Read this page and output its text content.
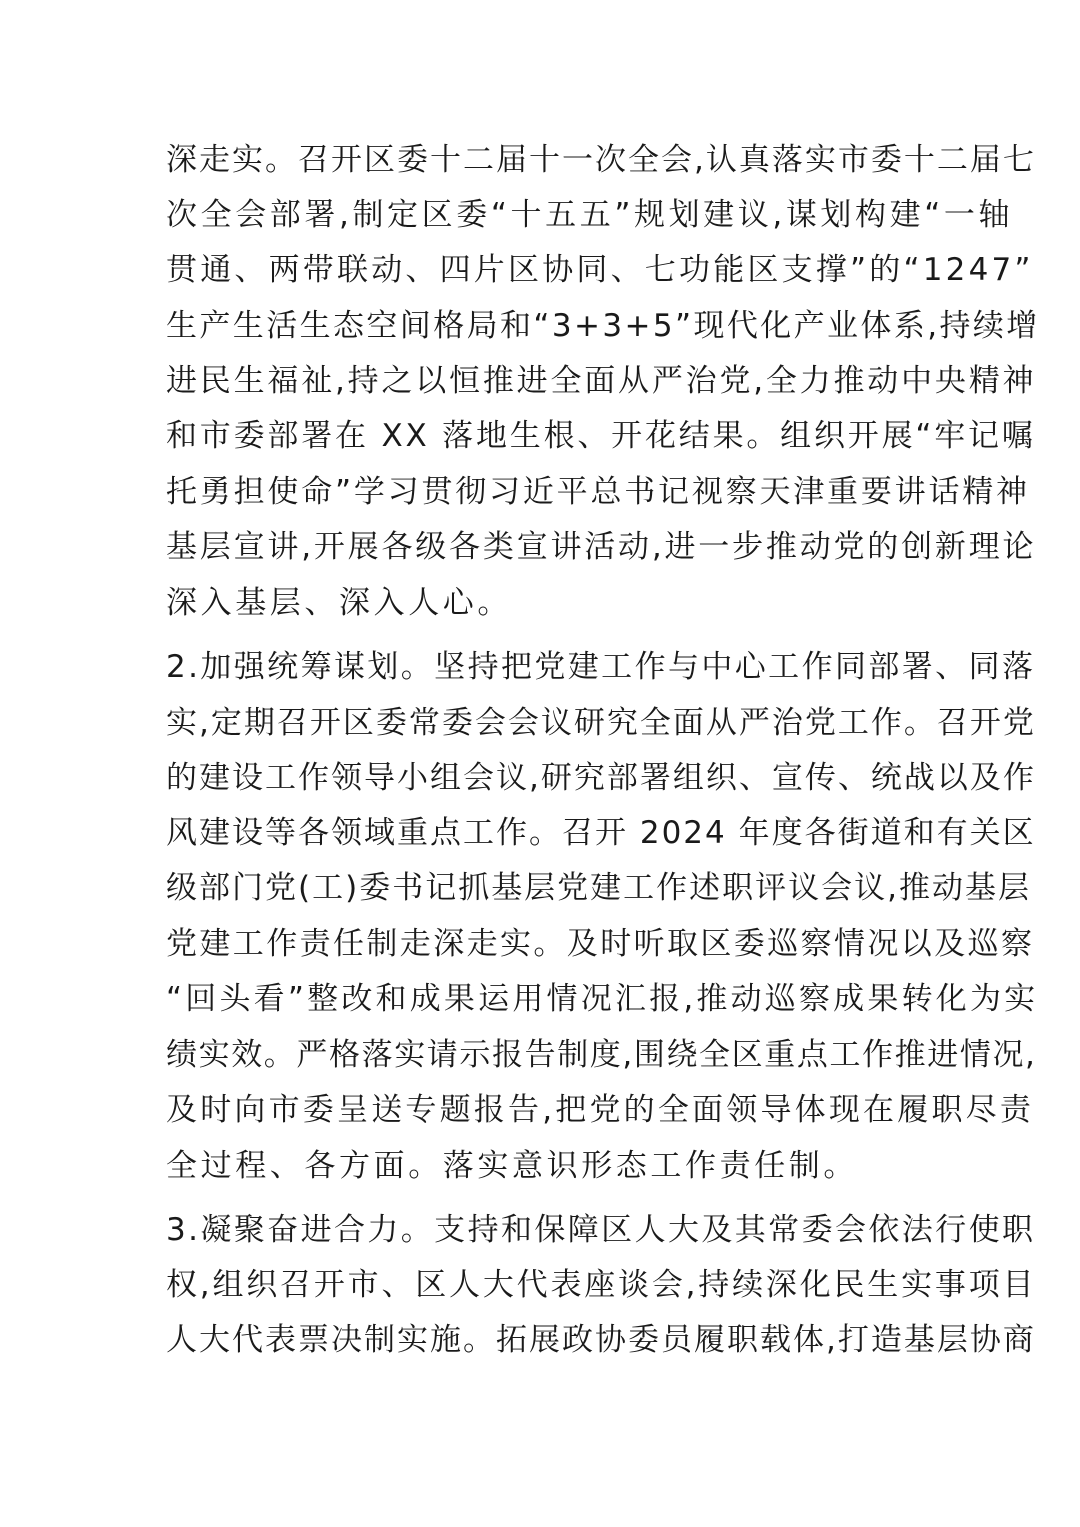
深走实。召开区委十二届十一次全会,认真落实市委十二届七
次全会部署,制定区委“十五五”规划建议,谋划构建“一轴
贯通、两带联动、四片区协同、七功能区支撑”的“1247”
生产生活生态空间格局和“3+3+5”现代化产业体系,持续增
进民生福祉,持之以恒推进全面从严治党,全力推动中央精神
和市委部署在 XX 落地生根、开花结果。组织开展“牢记嘱
托勇担使命”学习贯彻习近平总书记视察天津重要讲话精神
基层宣讲,开展各级各类宣讲活动,进一步推动党的创新理论
深入基层、深入人心。
2.加强统筹谋划。坚持把党建工作与中心工作同部署、同落
实,定期召开区委常委会会议研究全面从严治党工作。召开党
的建设工作领导小组会议,研究部署组织、宣传、统战以及作
风建设等各领域重点工作。召开 2024 年度各街道和有关区
级部门党(工)委书记抓基层党建工作述职评议会议,推动基层
党建工作责任制走深走实。及时听取区委巡察情况以及巡察
“回头看”整改和成果运用情况汇报,推动巡察成果转化为实
绩实效。严格落实请示报告制度,围绕全区重点工作推进情况,
及时向市委呈送专题报告,把党的全面领导体现在履职尽责
全过程、各方面。落实意识形态工作责任制。
3.凝聚奋进合力。支持和保障区人大及其常委会依法行使职
权,组织召开市、区人大代表座谈会,持续深化民生实事项目
人大代表票决制实施。拓展政协委员履职载体,打造基层协商
